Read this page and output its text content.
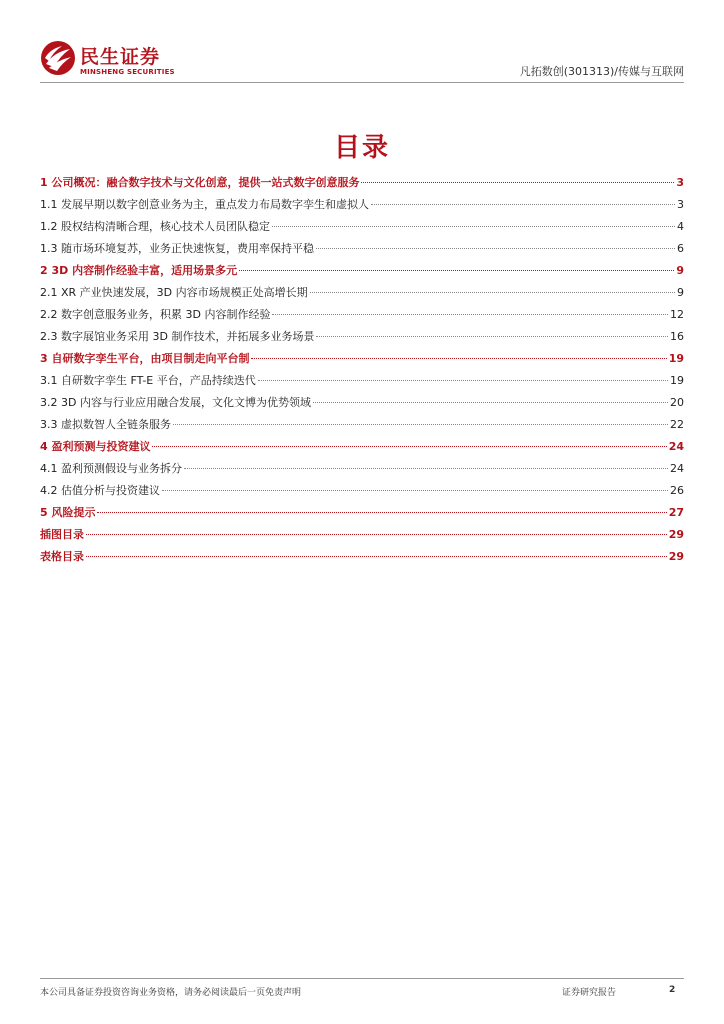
民生证券
MINSHENG SECURITIES	凡拓数创(301313)/传媒与互联网
目录
1 公司概况：融合数字技术与文化创意，提供一站式数字创意服务	3
1.1 发展早期以数字创意业务为主，重点发力布局数字孪生和虚拟人	3
1.2 股权结构清晰合理，核心技术人员团队稳定	4
1.3 随市场环境复苏，业务正快速恢复，费用率保持平稳	6
2 3D 内容制作经验丰富，适用场景多元	9
2.1 XR 产业快速发展，3D 内容市场规模正处高增长期	9
2.2 数字创意服务业务，积累 3D 内容制作经验	12
2.3 数字展馆业务采用 3D 制作技术，并拓展多业务场景	16
3 自研数字孪生平台，由项目制走向平台制	19
3.1 自研数字孪生 FT-E 平台，产品持续迭代	19
3.2 3D 内容与行业应用融合发展，文化文博为优势领域	20
3.3 虚拟数智人全链条服务	22
4 盈利预测与投资建议	24
4.1 盈利预测假设与业务拆分	24
4.2 估值分析与投资建议	26
5 风险提示	27
插图目录	29
表格目录	29
本公司具备证券投资咨询业务资格，请务必阅读最后一页免责声明	证券研究报告	2
